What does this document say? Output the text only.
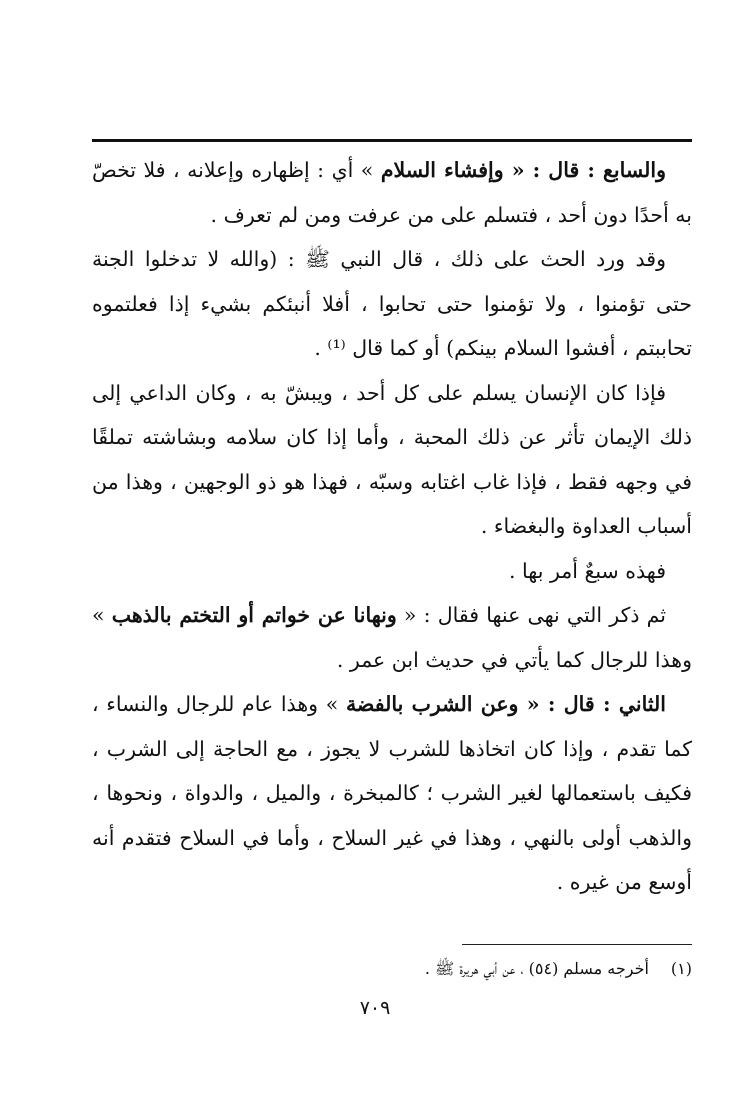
والسابع : قال : « وإفشاء السلام » أي : إظهاره وإعلانه ، فلا تخصّ
به أحدًا دون أحد ، فتسلم على من عرفت ومن لم تعرف .
وقد ورد الحث على ذلك ، قال النبي ﷺ : (والله لا تدخلوا الجنة
حتى تؤمنوا ، ولا تؤمنوا حتى تحابوا ، أفلا أنبئكم بشيء إذا فعلتموه
تحاببتم ، أفشوا السلام بينكم) أو كما قال ⁽¹⁾ .
فإذا كان الإنسان يسلم على كل أحد ، ويبشّ به ، وكان الداعي إلى
ذلك الإيمان تأثر عن ذلك المحبة ، وأما إذا كان سلامه وبشاشته تملقًا
في وجهه فقط ، فإذا غاب اغتابه وسبّه ، فهذا هو ذو الوجهين ، وهذا من
أسباب العداوة والبغضاء .
فهذه سبعٌ أمر بها .
ثم ذكر التي نهى عنها فقال : « ونهانا عن خواتم أو التختم بالذهب »
وهذا للرجال كما يأتي في حديث ابن عمر .
الثاني : قال : « وعن الشرب بالفضة » وهذا عام للرجال والنساء ،
كما تقدم ، وإذا كان اتخاذها للشرب لا يجوز ، مع الحاجة إلى الشرب ،
فكيف باستعمالها لغير الشرب ؛ كالمبخرة ، والميل ، والدواة ، ونحوها ،
والذهب أولى بالنهي ، وهذا في غير السلاح ، وأما في السلاح فتقدم أنه
أوسع من غيره .
(١)أخرجه مسلم (٥٤) ، عن أبي هريرة ﷺ .
٧٠٩
